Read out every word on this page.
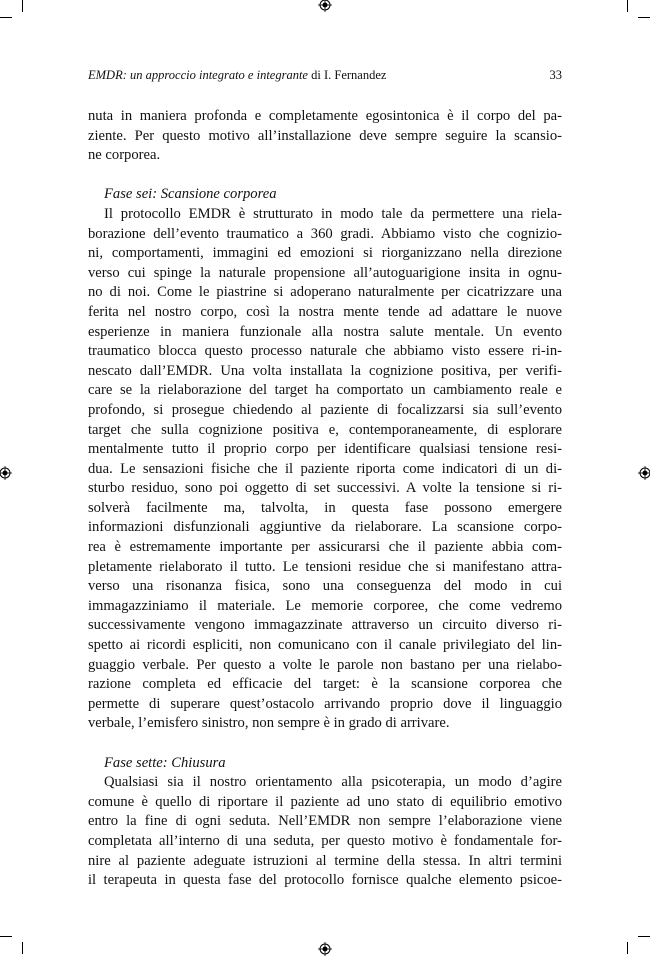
EMDR: un approccio integrato e integrante di I. Fernandez	33

nuta in maniera profonda e completamente egosintonica è il corpo del pa-

ziente. Per questo motivo all’installazione deve sempre seguire la scansio-

ne corporea.

Fase sei: Scansione corporea

Il protocollo EMDR è strutturato in modo tale da permettere una riela-

borazione dell’evento traumatico a 360 gradi. Abbiamo visto che cognizio-

ni, comportamenti, immagini ed emozioni si riorganizzano nella direzione

verso cui spinge la naturale propensione all’autoguarigione insita in ognu-

no di noi. Come le piastrine si adoperano naturalmente per cicatrizzare una

ferita nel nostro corpo, così la nostra mente tende ad adattare le nuove

esperienze in maniera funzionale alla nostra salute mentale. Un evento

traumatico blocca questo processo naturale che abbiamo visto essere ri-in-

nescato dall’EMDR. Una volta installata la cognizione positiva, per verifi-

care se la rielaborazione del target ha comportato un cambiamento reale e

profondo, si prosegue chiedendo al paziente di focalizzarsi sia sull’evento

target che sulla cognizione positiva e, contemporaneamente, di esplorare

mentalmente tutto il proprio corpo per identificare qualsiasi tensione resi-

dua. Le sensazioni fisiche che il paziente riporta come indicatori di un di-

sturbo residuo, sono poi oggetto di set successivi. A volte la tensione si ri-

solverà facilmente ma, talvolta, in questa fase possono emergere

informazioni disfunzionali aggiuntive da rielaborare. La scansione corpo-

rea è estremamente importante per assicurarsi che il paziente abbia com-

pletamente rielaborato il tutto. Le tensioni residue che si manifestano attra-

verso una risonanza fisica, sono una conseguenza del modo in cui

immagazziniamo il materiale. Le memorie corporee, che come vedremo

successivamente vengono immagazzinate attraverso un circuito diverso ri-

spetto ai ricordi espliciti, non comunicano con il canale privilegiato del lin-

guaggio verbale. Per questo a volte le parole non bastano per una rielabo-

razione completa ed efficacie del target: è la scansione corporea che

permette di superare quest’ostacolo arrivando proprio dove il linguaggio

verbale, l’emisfero sinistro, non sempre è in grado di arrivare.

Fase sette: Chiusura

Qualsiasi sia il nostro orientamento alla psicoterapia, un modo d’agire

comune è quello di riportare il paziente ad uno stato di equilibrio emotivo

entro la fine di ogni seduta. Nell’EMDR non sempre l’elaborazione viene

completata all’interno di una seduta, per questo motivo è fondamentale for-

nire al paziente adeguate istruzioni al termine della stessa. In altri termini

il terapeuta in questa fase del protocollo fornisce qualche elemento psicoe-
